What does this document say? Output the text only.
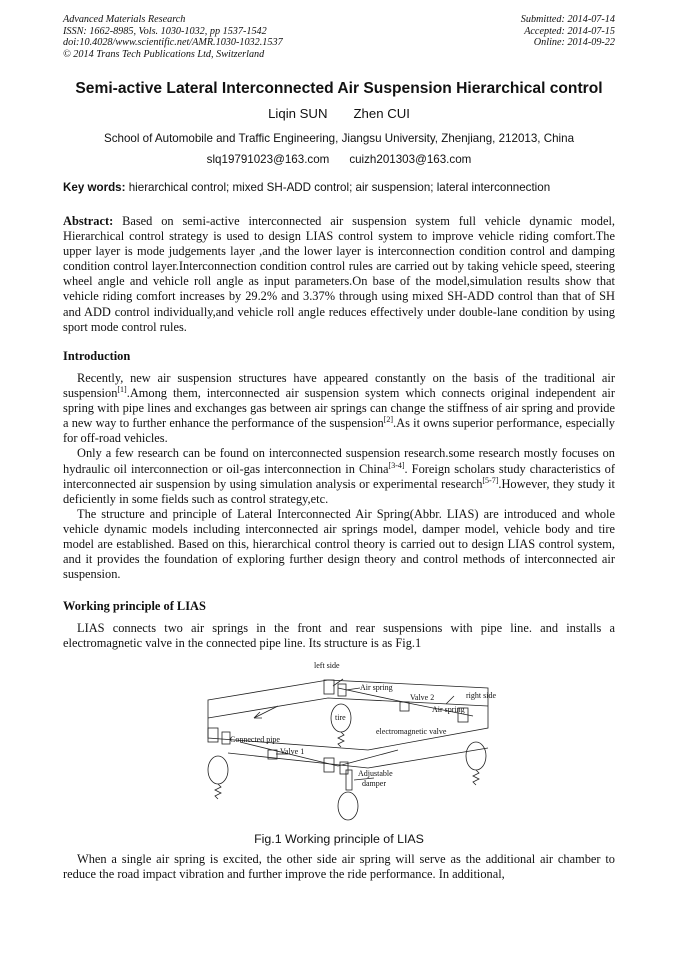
Advanced Materials Research
ISSN: 1662-8985, Vols. 1030-1032, pp 1537-1542
doi:10.4028/www.scientific.net/AMR.1030-1032.1537
© 2014 Trans Tech Publications Ltd, Switzerland
Submitted: 2014-07-14
Accepted: 2014-07-15
Online: 2014-09-22
Semi-active Lateral Interconnected Air Suspension Hierarchical control
Liqin SUN Zhen CUI
School of Automobile and Traffic Engineering, Jiangsu University, Zhenjiang, 212013, China
slq19791023@163.com cuizh201303@163.com
Key words: hierarchical control; mixed SH-ADD control; air suspension; lateral interconnection
Abstract: Based on semi-active interconnected air suspension system full vehicle dynamic model, Hierarchical control strategy is used to design LIAS control system to improve vehicle riding comfort.The upper layer is mode judgements layer ,and the lower layer is interconnection condition control and damping condition control layer.Interconnection condition control rules are carried out by taking vehicle speed, steering wheel angle and vehicle roll angle as input parameters.On base of the model,simulation results show that vehicle riding comfort increases by 29.2% and 3.37% through using mixed SH-ADD control than that of SH and ADD control individually,and vehicle roll angle reduces effectively under double-lane condition by using sport mode control rules.
Introduction
Recently, new air suspension structures have appeared constantly on the basis of the traditional air suspension[1].Among them, interconnected air suspension system which connects original independent air spring with pipe lines and exchanges gas between air springs can change the stiffness of air spring and provide a new way to further enhance the performance of the suspension[2].As it owns superior performance, especially for off-road vehicles.
Only a few research can be found on interconnected suspension research.some research mostly focuses on hydraulic oil interconnection or oil-gas interconnection in China[3-4]. Foreign scholars study characteristics of interconnected air suspension by using simulation analysis or experimental research[5-7].However, they study it deficiently in some fields such as control strategy,etc.
The structure and principle of Lateral Interconnected Air Spring(Abbr. LIAS) are introduced and whole vehicle dynamic models including interconnected air springs model, damper model, vehicle body and tire model are established. Based on this, hierarchical control theory is carried out to design LIAS control system, and it provides the foundation of exploring further design theory and control methods of interconnected air suspension.
Working principle of LIAS
LIAS connects two air springs in the front and rear suspensions with pipe line. and installs a electromagnetic valve in the connected pipe line. Its structure is as Fig.1
left side
Air spring
Valve 2	right side
Air spring
tire
electromagnetic valve
Connected pipe
Valve 1
Adjustable
damper
Fig.1 Working principle of LIAS
When a single air spring is excited, the other side air spring will serve as the additional air chamber to reduce the road impact vibration and further improve the ride performance. In additional,
